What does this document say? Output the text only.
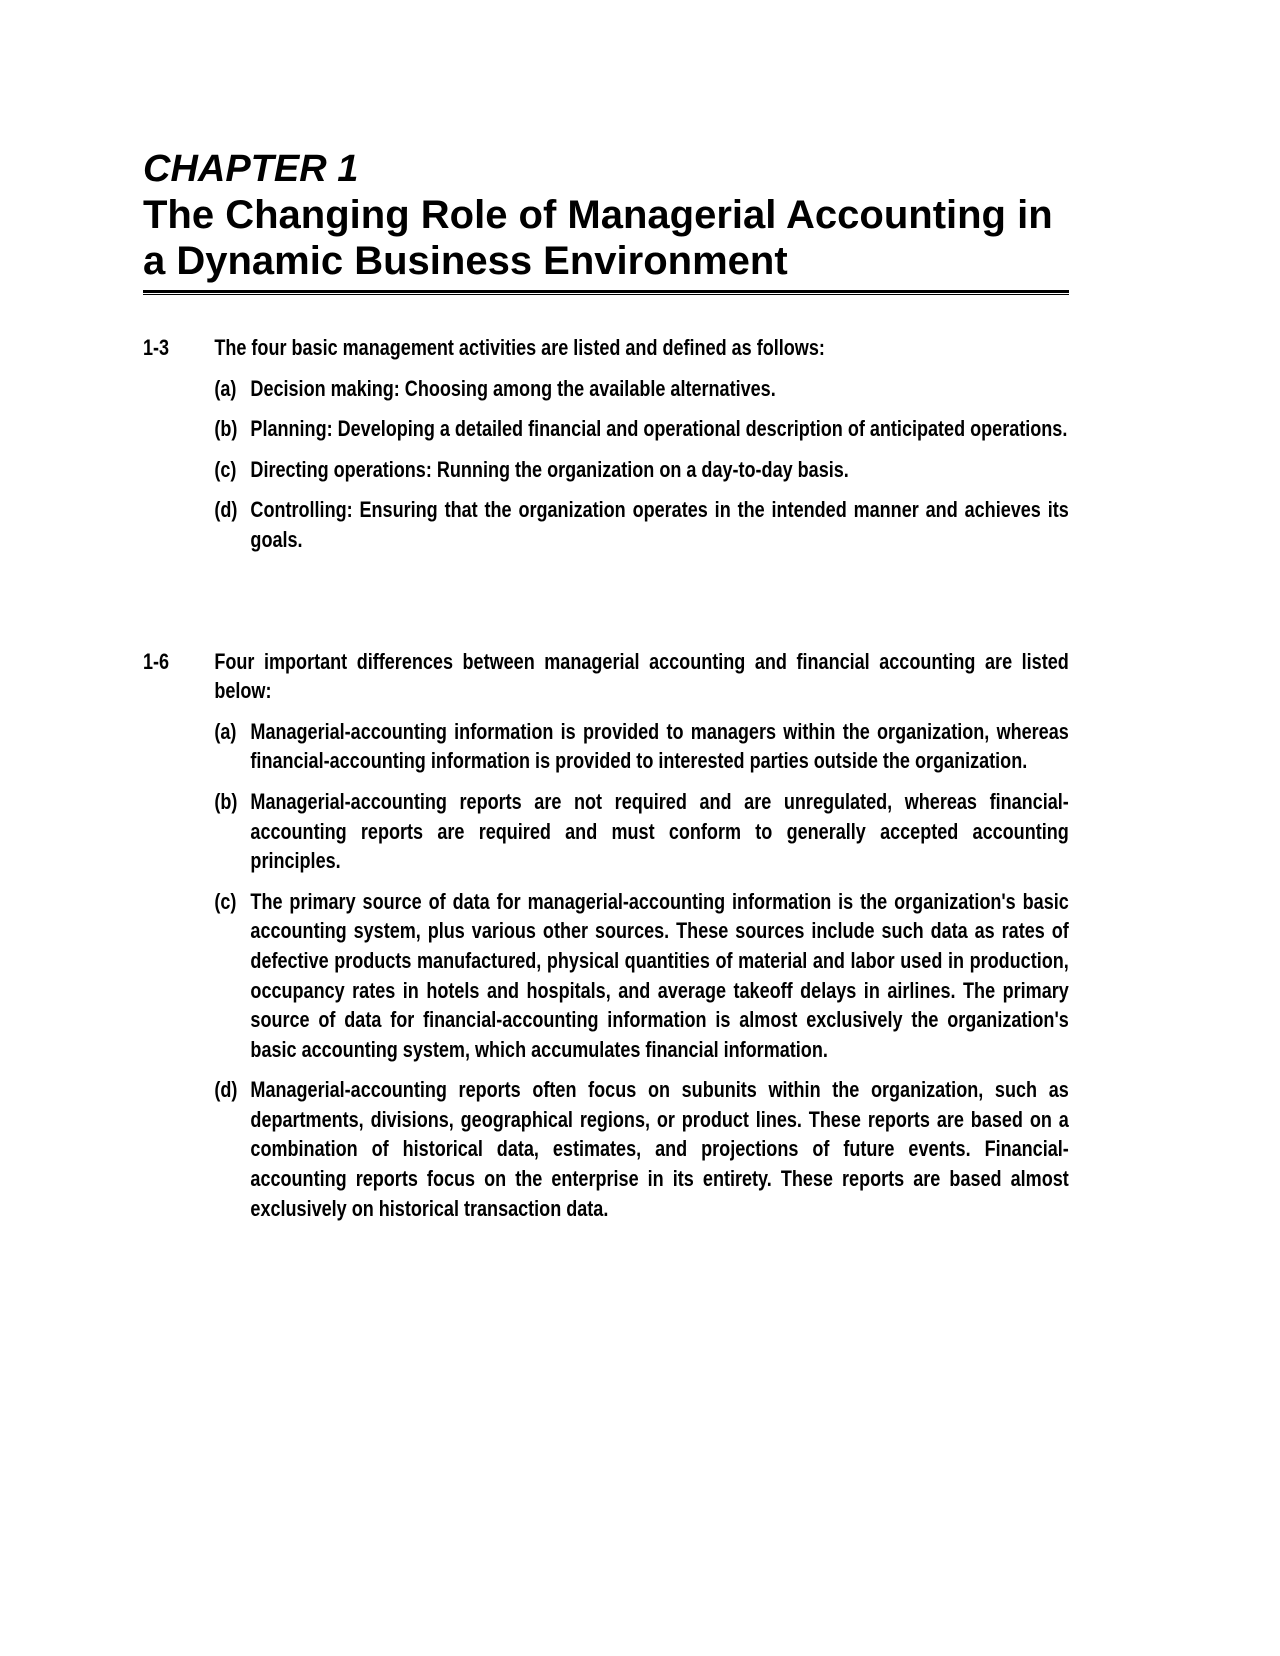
CHAPTER 1

The Changing Role of Managerial Accounting in

a Dynamic Business Environment

1-3 The four basic management activities are listed and defined as follows:
(a) Decision making: Choosing among the available alternatives.
(b) Planning: Developing a detailed financial and operational description of anticipated operations.
(c) Directing operations: Running the organization on a day-to-day basis.
(d) Controlling: Ensuring that the organization operates in the intended manner and achieves its goals.
1-6 Four important differences between managerial accounting and financial accounting are listed below:
(a) Managerial-accounting information is provided to managers within the organization, whereas financial-accounting information is provided to interested parties outside the organization.
(b) Managerial-accounting reports are not required and are unregulated, whereas financial-accounting reports are required and must conform to generally accepted accounting principles.
(c) The primary source of data for managerial-accounting information is the organization's basic accounting system, plus various other sources. These sources include such data as rates of defective products manufactured, physical quantities of material and labor used in production, occupancy rates in hotels and hospitals, and average takeoff delays in airlines. The primary source of data for financial-accounting information is almost exclusively the organization's basic accounting system, which accumulates financial information.
(d) Managerial-accounting reports often focus on subunits within the organization, such as departments, divisions, geographical regions, or product lines. These reports are based on a combination of historical data, estimates, and projections of future events. Financial-accounting reports focus on the enterprise in its entirety. These reports are based almost exclusively on historical transaction data.
